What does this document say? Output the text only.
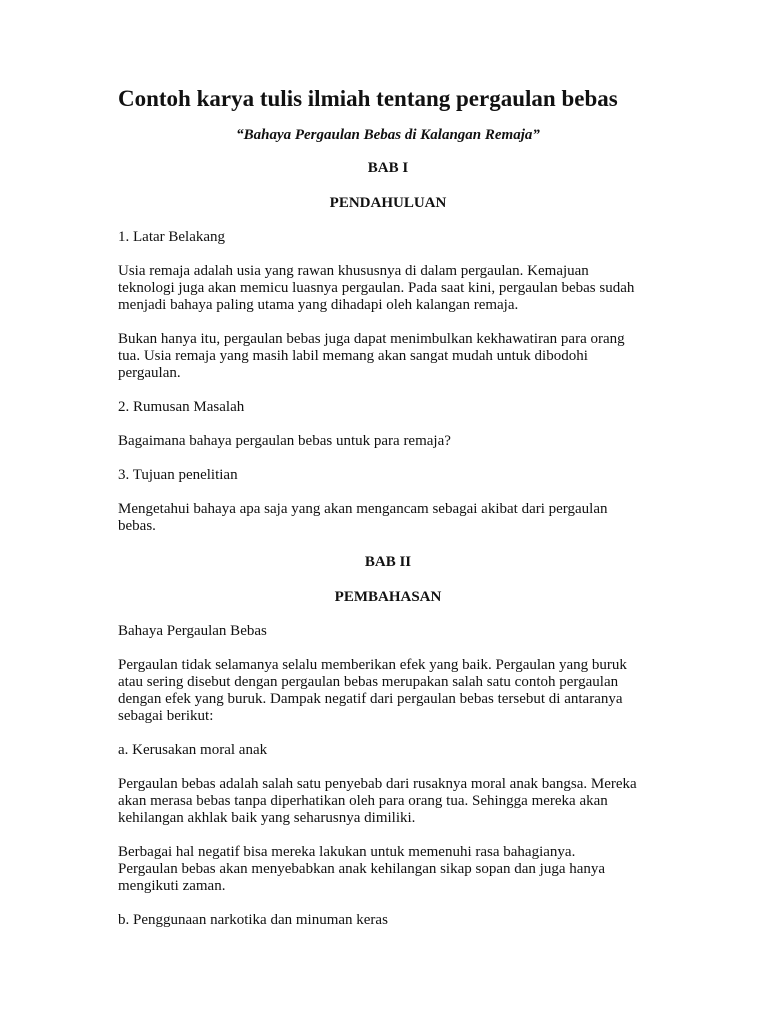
Contoh karya tulis ilmiah tentang pergaulan bebas

“Bahaya Pergaulan Bebas di Kalangan Remaja”

BAB I

PENDAHULUAN

1. Latar Belakang

Usia remaja adalah usia yang rawan khususnya di dalam pergaulan. Kemajuan
teknologi juga akan memicu luasnya pergaulan. Pada saat kini, pergaulan bebas sudah
menjadi bahaya paling utama yang dihadapi oleh kalangan remaja.

Bukan hanya itu, pergaulan bebas juga dapat menimbulkan kekhawatiran para orang
tua. Usia remaja yang masih labil memang akan sangat mudah untuk dibodohi
pergaulan.

2. Rumusan Masalah

Bagaimana bahaya pergaulan bebas untuk para remaja?

3. Tujuan penelitian

Mengetahui bahaya apa saja yang akan mengancam sebagai akibat dari pergaulan
bebas.

BAB II

PEMBAHASAN

Bahaya Pergaulan Bebas

Pergaulan tidak selamanya selalu memberikan efek yang baik. Pergaulan yang buruk
atau sering disebut dengan pergaulan bebas merupakan salah satu contoh pergaulan
dengan efek yang buruk. Dampak negatif dari pergaulan bebas tersebut di antaranya
sebagai berikut:

a. Kerusakan moral anak

Pergaulan bebas adalah salah satu penyebab dari rusaknya moral anak bangsa. Mereka
akan merasa bebas tanpa diperhatikan oleh para orang tua. Sehingga mereka akan
kehilangan akhlak baik yang seharusnya dimiliki.

Berbagai hal negatif bisa mereka lakukan untuk memenuhi rasa bahagianya.
Pergaulan bebas akan menyebabkan anak kehilangan sikap sopan dan juga hanya
mengikuti zaman.

b. Penggunaan narkotika dan minuman keras
